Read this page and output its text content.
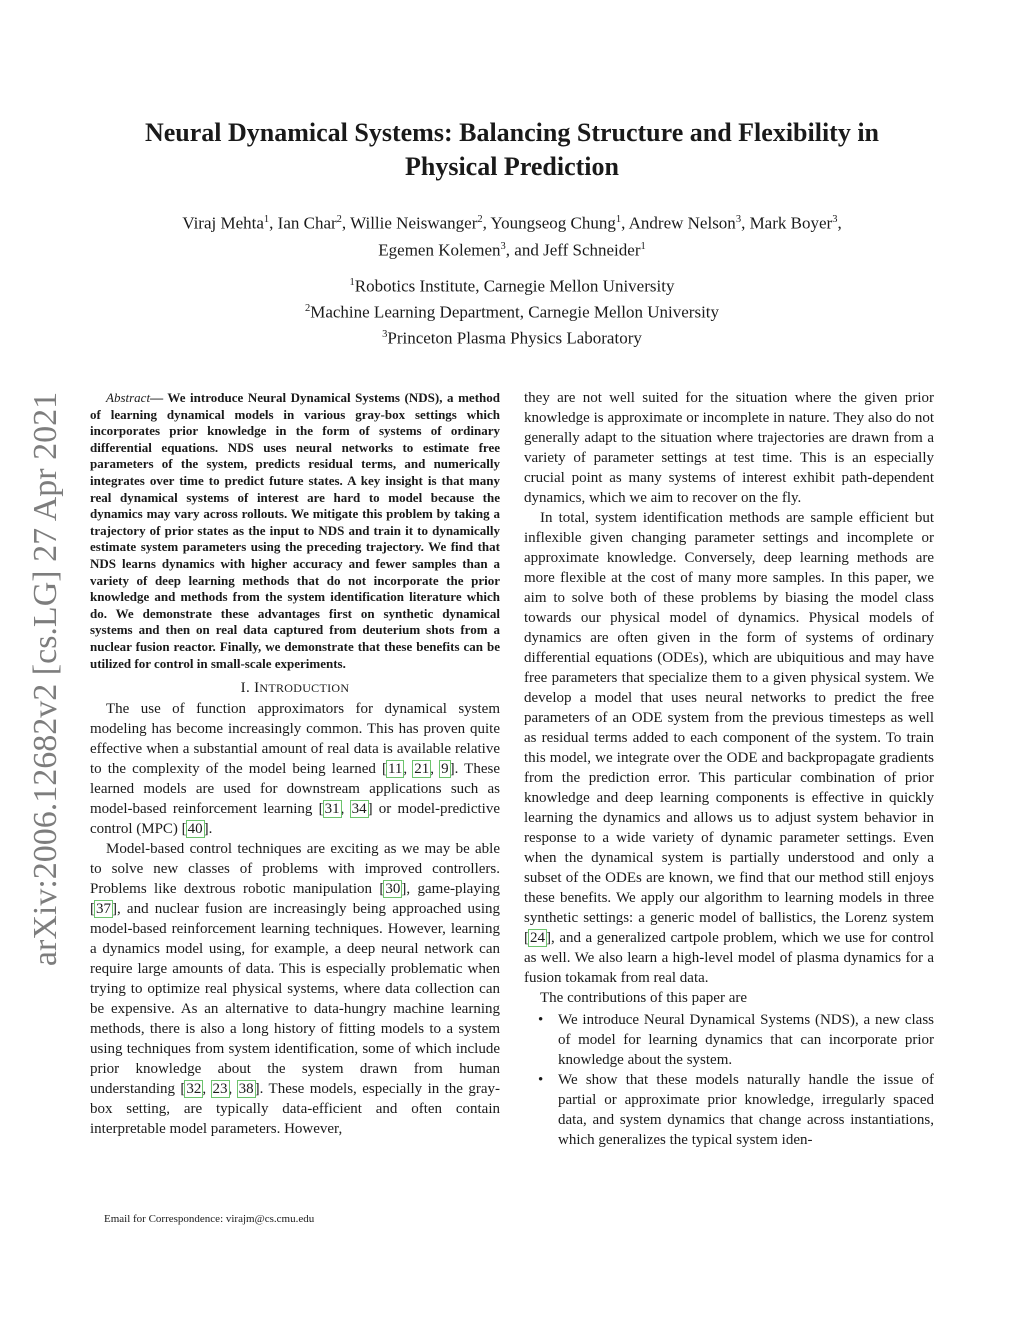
Neural Dynamical Systems: Balancing Structure and Flexibility in
Physical Prediction
Viraj Mehta$^1$, Ian Char$^2$, Willie Neiswanger$^2$, Youngseog Chung$^1$, Andrew Nelson$^3$, Mark Boyer$^3$,
Egemen Kolemen$^3$, and Jeff Schneider$^1$
$^1$Robotics Institute, Carnegie Mellon University
$^2$Machine Learning Department, Carnegie Mellon University
$^3$Princeton Plasma Physics Laboratory
arXiv:2006.12682v2 [cs.LG] 27 Apr 2021	Abstract— We introduce Neural Dynamical Systems (NDS), a method of learning dynamical models in various gray-box settings which incorporates prior knowledge in the form of systems of ordinary differential equations. NDS uses neural networks to estimate free parameters of the system, predicts residual terms, and numerically integrates over time to predict future states. A key insight is that many real dynamical systems of interest are hard to model because the dynamics may vary across rollouts. We mitigate this problem by taking a trajectory of prior states as the input to NDS and train it to dynamically estimate system parameters using the preceding trajectory. We find that NDS learns dynamics with higher accuracy and fewer samples than a variety of deep learning methods that do not incorporate the prior knowledge and methods from the system identification literature which do. We demonstrate these advantages first on synthetic dynamical systems and then on real data captured from deuterium shots from a nuclear fusion reactor. Finally, we demonstrate that these benefits can be utilized for control in small-scale experiments.

I. INTRODUCTION

The use of function approximators for dynamical system modeling has become increasingly common. This has proven quite effective when a substantial amount of real data is available relative to the complexity of the model being learned [11, 21, 9]. These learned models are used for downstream applications such as model-based reinforcement learning [31, 34] or model-predictive control (MPC) [40].

Model-based control techniques are exciting as we may be able to solve new classes of problems with improved controllers. Problems like dextrous robotic manipulation [30], game-playing [37], and nuclear fusion are increasingly being approached using model-based reinforcement learning techniques. However, learning a dynamics model using, for example, a deep neural network can require large amounts of data. This is especially problematic when trying to optimize real physical systems, where data collection can be expensive. As an alternative to data-hungry machine learning methods, there is also a long history of fitting models to a system using techniques from system identification, some of which include prior knowledge about the system drawn from human understanding [32, 23, 38]. These models, especially in the gray-box setting, are typically data-efficient and often contain interpretable model parameters. However,

they are not well suited for the situation where the given prior knowledge is approximate or incomplete in nature. They also do not generally adapt to the situation where trajectories are drawn from a variety of parameter settings at test time. This is an especially crucial point as many systems of interest exhibit path-dependent dynamics, which we aim to recover on the fly.

In total, system identification methods are sample efficient but inflexible given changing parameter settings and incomplete or approximate knowledge. Conversely, deep learning methods are more flexible at the cost of many more samples. In this paper, we aim to solve both of these problems by biasing the model class towards our physical model of dynamics. Physical models of dynamics are often given in the form of systems of ordinary differential equations (ODEs), which are ubiquitious and may have free parameters that specialize them to a given physical system. We develop a model that uses neural networks to predict the free parameters of an ODE system from the previous timesteps as well as residual terms added to each component of the system. To train this model, we integrate over the ODE and backpropagate gradients from the prediction error. This particular combination of prior knowledge and deep learning components is effective in quickly learning the dynamics and allows us to adjust system behavior in response to a wide variety of dynamic parameter settings. Even when the dynamical system is partially understood and only a subset of the ODEs are known, we find that our method still enjoys these benefits. We apply our algorithm to learning models in three synthetic settings: a generic model of ballistics, the Lorenz system [24], and a generalized cartpole problem, which we use for control as well. We also learn a high-level model of plasma dynamics for a fusion tokamak from real data.

The contributions of this paper are

• We introduce Neural Dynamical Systems (NDS), a new class of model for learning dynamics that can incorporate prior knowledge about the system.
• We show that these models naturally handle the issue of partial or approximate prior knowledge, irregularly spaced data, and system dynamics that change across instantiations, which generalizes the typical system iden-
Email for Correspondence: virajm@cs.cmu.edu
